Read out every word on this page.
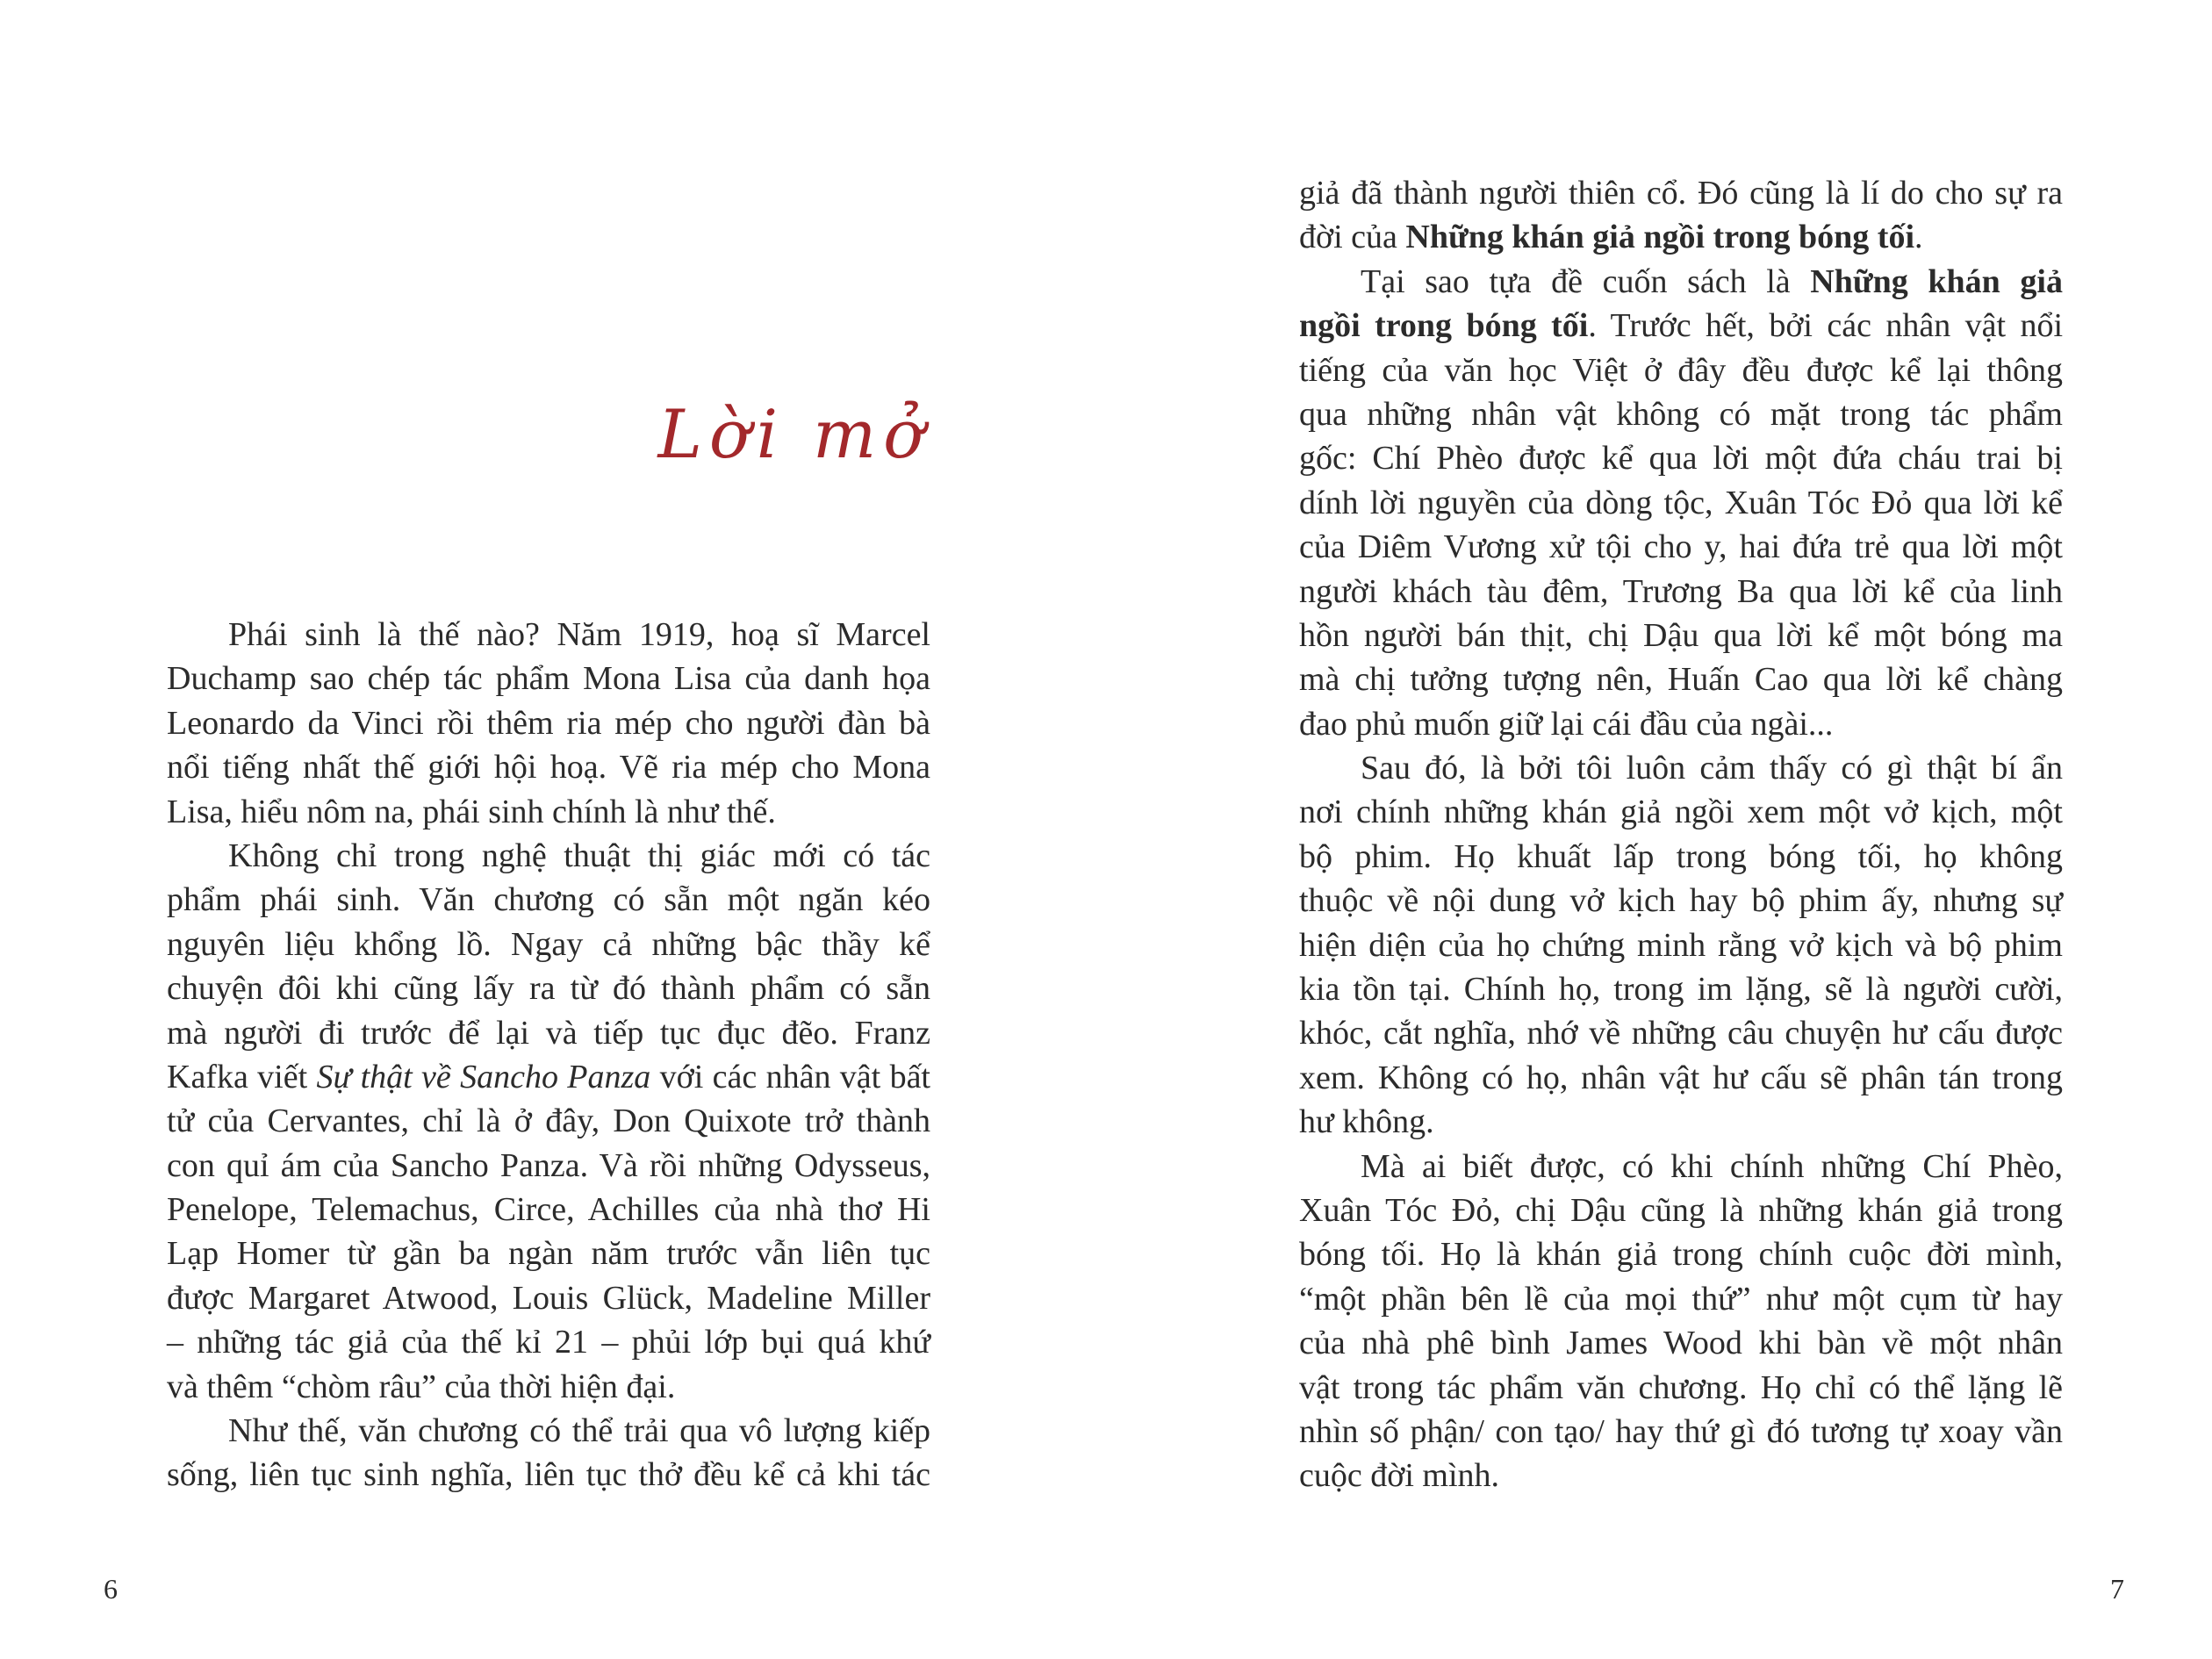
Lời mở
Phái sinh là thế nào? Năm 1919, hoạ sĩ Marcel
Duchamp sao chép tác phẩm Mona Lisa của danh họa
Leonardo da Vinci rồi thêm ria mép cho người đàn bà
nổi tiếng nhất thế giới hội hoạ. Vẽ ria mép cho Mona
Lisa, hiểu nôm na, phái sinh chính là như thế.
Không chỉ trong nghệ thuật thị giác mới có tác
phẩm phái sinh. Văn chương có sẵn một ngăn kéo
nguyên liệu khổng lồ. Ngay cả những bậc thầy kể
chuyện đôi khi cũng lấy ra từ đó thành phẩm có sẵn
mà người đi trước để lại và tiếp tục đục đẽo. Franz
Kafka viết Sự thật về Sancho Panza với các nhân vật bất
tử của Cervantes, chỉ là ở đây, Don Quixote trở thành
con quỉ ám của Sancho Panza. Và rồi những Odysseus,
Penelope, Telemachus, Circe, Achilles của nhà thơ Hi
Lạp Homer từ gần ba ngàn năm trước vẫn liên tục
được Margaret Atwood, Louis Glück, Madeline Miller
– những tác giả của thế kỉ 21 – phủi lớp bụi quá khứ
và thêm “chòm râu” của thời hiện đại.
Như thế, văn chương có thể trải qua vô lượng kiếp
sống, liên tục sinh nghĩa, liên tục thở đều kể cả khi tác
6
giả đã thành người thiên cổ. Đó cũng là lí do cho sự ra
đời của Những khán giả ngồi trong bóng tối.
Tại sao tựa đề cuốn sách là Những khán giả
ngồi trong bóng tối. Trước hết, bởi các nhân vật nổi
tiếng của văn học Việt ở đây đều được kể lại thông
qua những nhân vật không có mặt trong tác phẩm
gốc: Chí Phèo được kể qua lời một đứa cháu trai bị
dính lời nguyền của dòng tộc, Xuân Tóc Đỏ qua lời kể
của Diêm Vương xử tội cho y, hai đứa trẻ qua lời một
người khách tàu đêm, Trương Ba qua lời kể của linh
hồn người bán thịt, chị Dậu qua lời kể một bóng ma
mà chị tưởng tượng nên, Huấn Cao qua lời kể chàng
đao phủ muốn giữ lại cái đầu của ngài...
Sau đó, là bởi tôi luôn cảm thấy có gì thật bí ẩn
nơi chính những khán giả ngồi xem một vở kịch, một
bộ phim. Họ khuất lấp trong bóng tối, họ không
thuộc về nội dung vở kịch hay bộ phim ấy, nhưng sự
hiện diện của họ chứng minh rằng vở kịch và bộ phim
kia tồn tại. Chính họ, trong im lặng, sẽ là người cười,
khóc, cắt nghĩa, nhớ về những câu chuyện hư cấu được
xem. Không có họ, nhân vật hư cấu sẽ phân tán trong
hư không.
Mà ai biết được, có khi chính những Chí Phèo,
Xuân Tóc Đỏ, chị Dậu cũng là những khán giả trong
bóng tối. Họ là khán giả trong chính cuộc đời mình,
“một phần bên lề của mọi thứ” như một cụm từ hay
của nhà phê bình James Wood khi bàn về một nhân
vật trong tác phẩm văn chương. Họ chỉ có thể lặng lẽ
nhìn số phận/ con tạo/ hay thứ gì đó tương tự xoay vần
cuộc đời mình.
7
